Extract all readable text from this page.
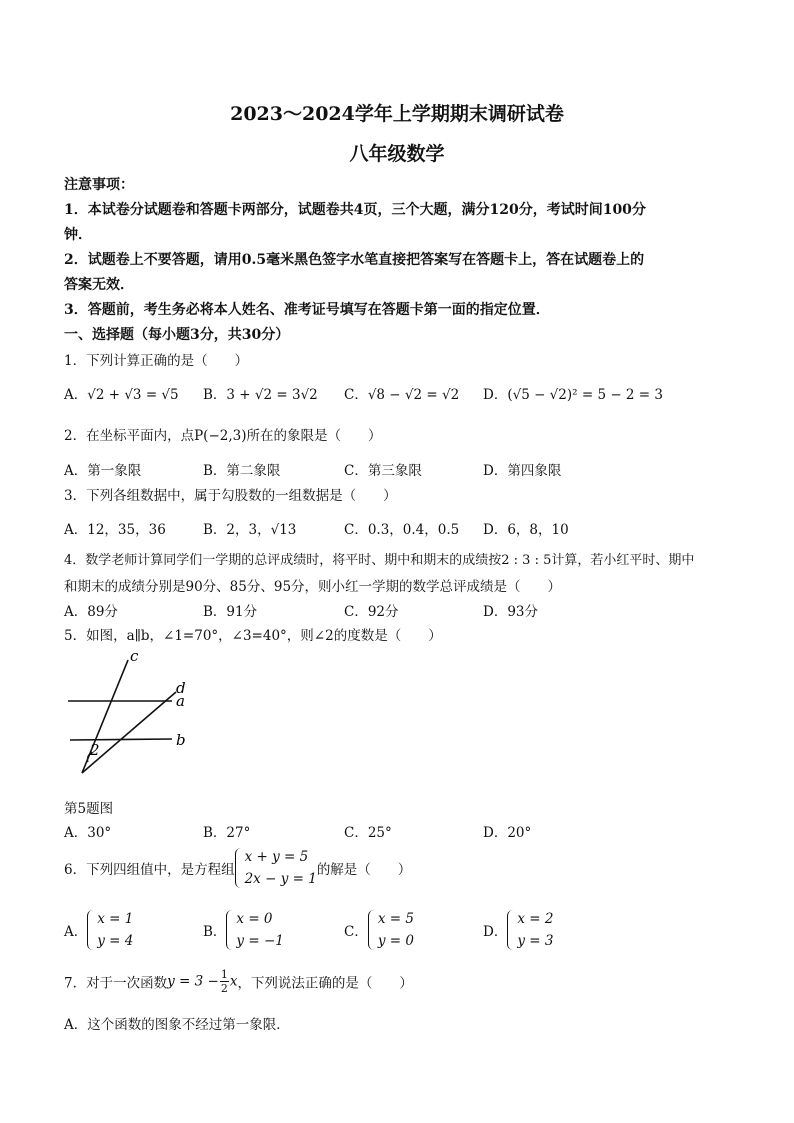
2023～2024学年上学期期末调研试卷
八年级数学
注意事项：
1．本试卷分试题卷和答题卡两部分，试题卷共4页，三个大题，满分120分，考试时间100分
钟．
2．试题卷上不要答题，请用0.5毫米黑色签字水笔直接把答案写在答题卡上，答在试题卷上的
答案无效．
3．答题前，考生务必将本人姓名、准考证号填写在答题卡第一面的指定位置．
一、选择题（每小题3分，共30分）
1．下列计算正确的是（　　）
A．√2 + √3 = √5 B．3 + √2 = 3√2 C．√8 − √2 = √2 D．(√5 − √2)² = 5 − 2 = 3
2．在坐标平面内，点P(−2,3)所在的象限是（　　）
A．第一象限	B．第二象限	C．第三象限	D．第四象限
3．下列各组数据中，属于勾股数的一组数据是（　　）
A．12，35，36	B．2，3，√13	C．0.3，0.4，0.5 D．6，8，10
4．数学老师计算同学们一学期的总评成绩时，将平时、期中和期末的成绩按2 : 3 : 5计算，若小红平时、期中
和期末的成绩分别是90分、85分、95分，则小红一学期的数学总评成绩是（　　）
A．89分	B．91分	C．92分	D．93分
5．如图，a∥b，∠1=70°，∠3=40°，则∠2的度数是（　　）
c
d
a
b
2
第5题图
A．30°	B．27°	C．25°	D．20°
6．下列四组值中，是方程组
x + y = 5
2x − y = 1
的解是（　　）
A．
x = 1
y = 4
B．
x = 0
y = −1
C．
x = 5
y = 0
D．
x = 2
y = 3
7．对于一次函数$y = 3 - \frac{1}{2}$ x，下列说法正确的是（　　）
A．这个函数的图象不经过第一象限．
